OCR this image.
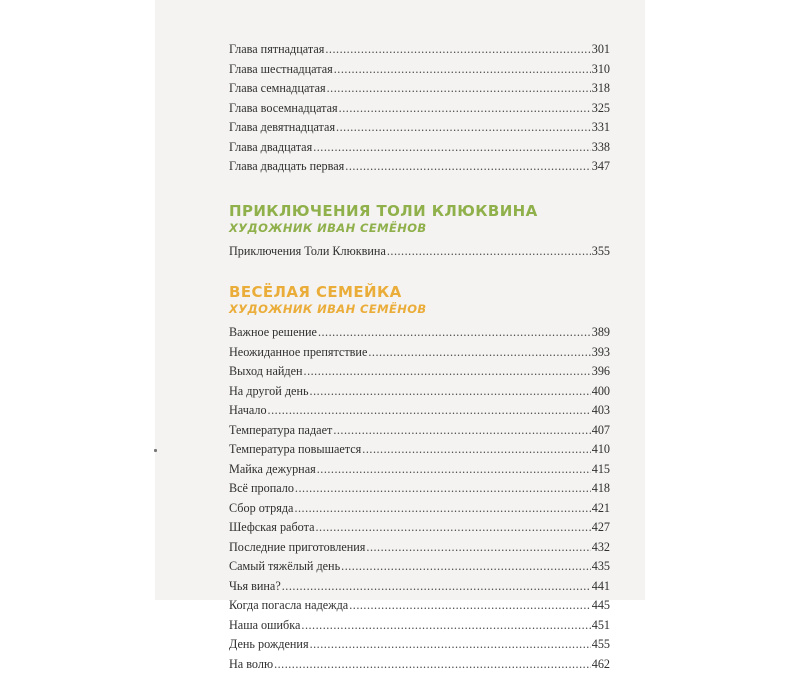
Глава пятнадцатая .....	301
Глава шестнадцатая .....	310
Глава семнадцатая .....	318
Глава восемнадцатая .....	325
Глава девятнадцатая .....	331
Глава двадцатая .....	338
Глава двадцать первая .....	347
ПРИКЛЮЧЕНИЯ ТОЛИ КЛЮКВИНА
ХУДОЖНИК ИВАН СЕМЁНОВ
Приключения Толи Клюквина .....	355
ВЕСЁЛАЯ СЕМЕЙКА
ХУДОЖНИК ИВАН СЕМЁНОВ
Важное решение .....	389
Неожиданное препятствие .....	393
Выход найден .....	396
На другой день .....	400
Начало .....	403
Температура падает .....	407
Температура повышается .....	410
Майка дежурная .....	415
Всё пропало .....	418
Сбор отряда .....	421
Шефская работа .....	427
Последние приготовления .....	432
Самый тяжёлый день .....	435
Чья вина? .....	441
Когда погасла надежда .....	445
Наша ошибка .....	451
День рождения .....	455
На волю .....	462
